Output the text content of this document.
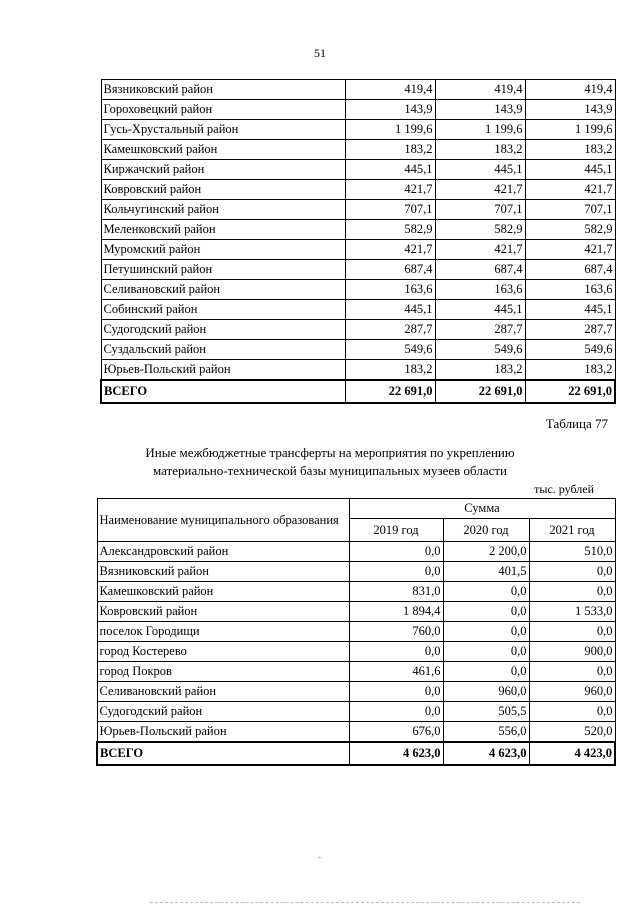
51
Вязниковский район	419,4	419,4	419,4
Гороховецкий район	143,9	143,9	143,9
Гусь-Хрустальный район	1 199,6	1 199,6	1 199,6
Камешковский район	183,2	183,2	183,2
Киржачский район	445,1	445,1	445,1
Ковровский район	421,7	421,7	421,7
Кольчугинский район	707,1	707,1	707,1
Меленковский район	582,9	582,9	582,9
Муромский район	421,7	421,7	421,7
Петушинский район	687,4	687,4	687,4
Селивановский район	163,6	163,6	163,6
Собинский район	445,1	445,1	445,1
Судогодский район	287,7	287,7	287,7
Суздальский район	549,6	549,6	549,6
Юрьев-Польский район	183,2	183,2	183,2
ВСЕГО	22 691,0	22 691,0	22 691,0
Таблица 77
Иные межбюджетные трансферты на мероприятия по укреплению
материально-технической базы муниципальных музеев области
тыс. рублей
Наименование муниципального образования	Сумма		
	2019 год	2020 год	2021 год
Александровский район	0,0	2 200,0	510,0
Вязниковский район	0,0	401,5	0,0
Камешковский район	831,0	0,0	0,0
Ковровский район	1 894,4	0,0	1 533,0
поселок Городищи	760,0	0,0	0,0
город Костерево	0,0	0,0	900,0
город Покров	461,6	0,0	0,0
Селивановский район	0,0	960,0	960,0
Судогодский район	0,0	505,5	0,0
Юрьев-Польский район	676,0	556,0	520,0
ВСЕГО	4 623,0	4 623,0	4 423,0
-
